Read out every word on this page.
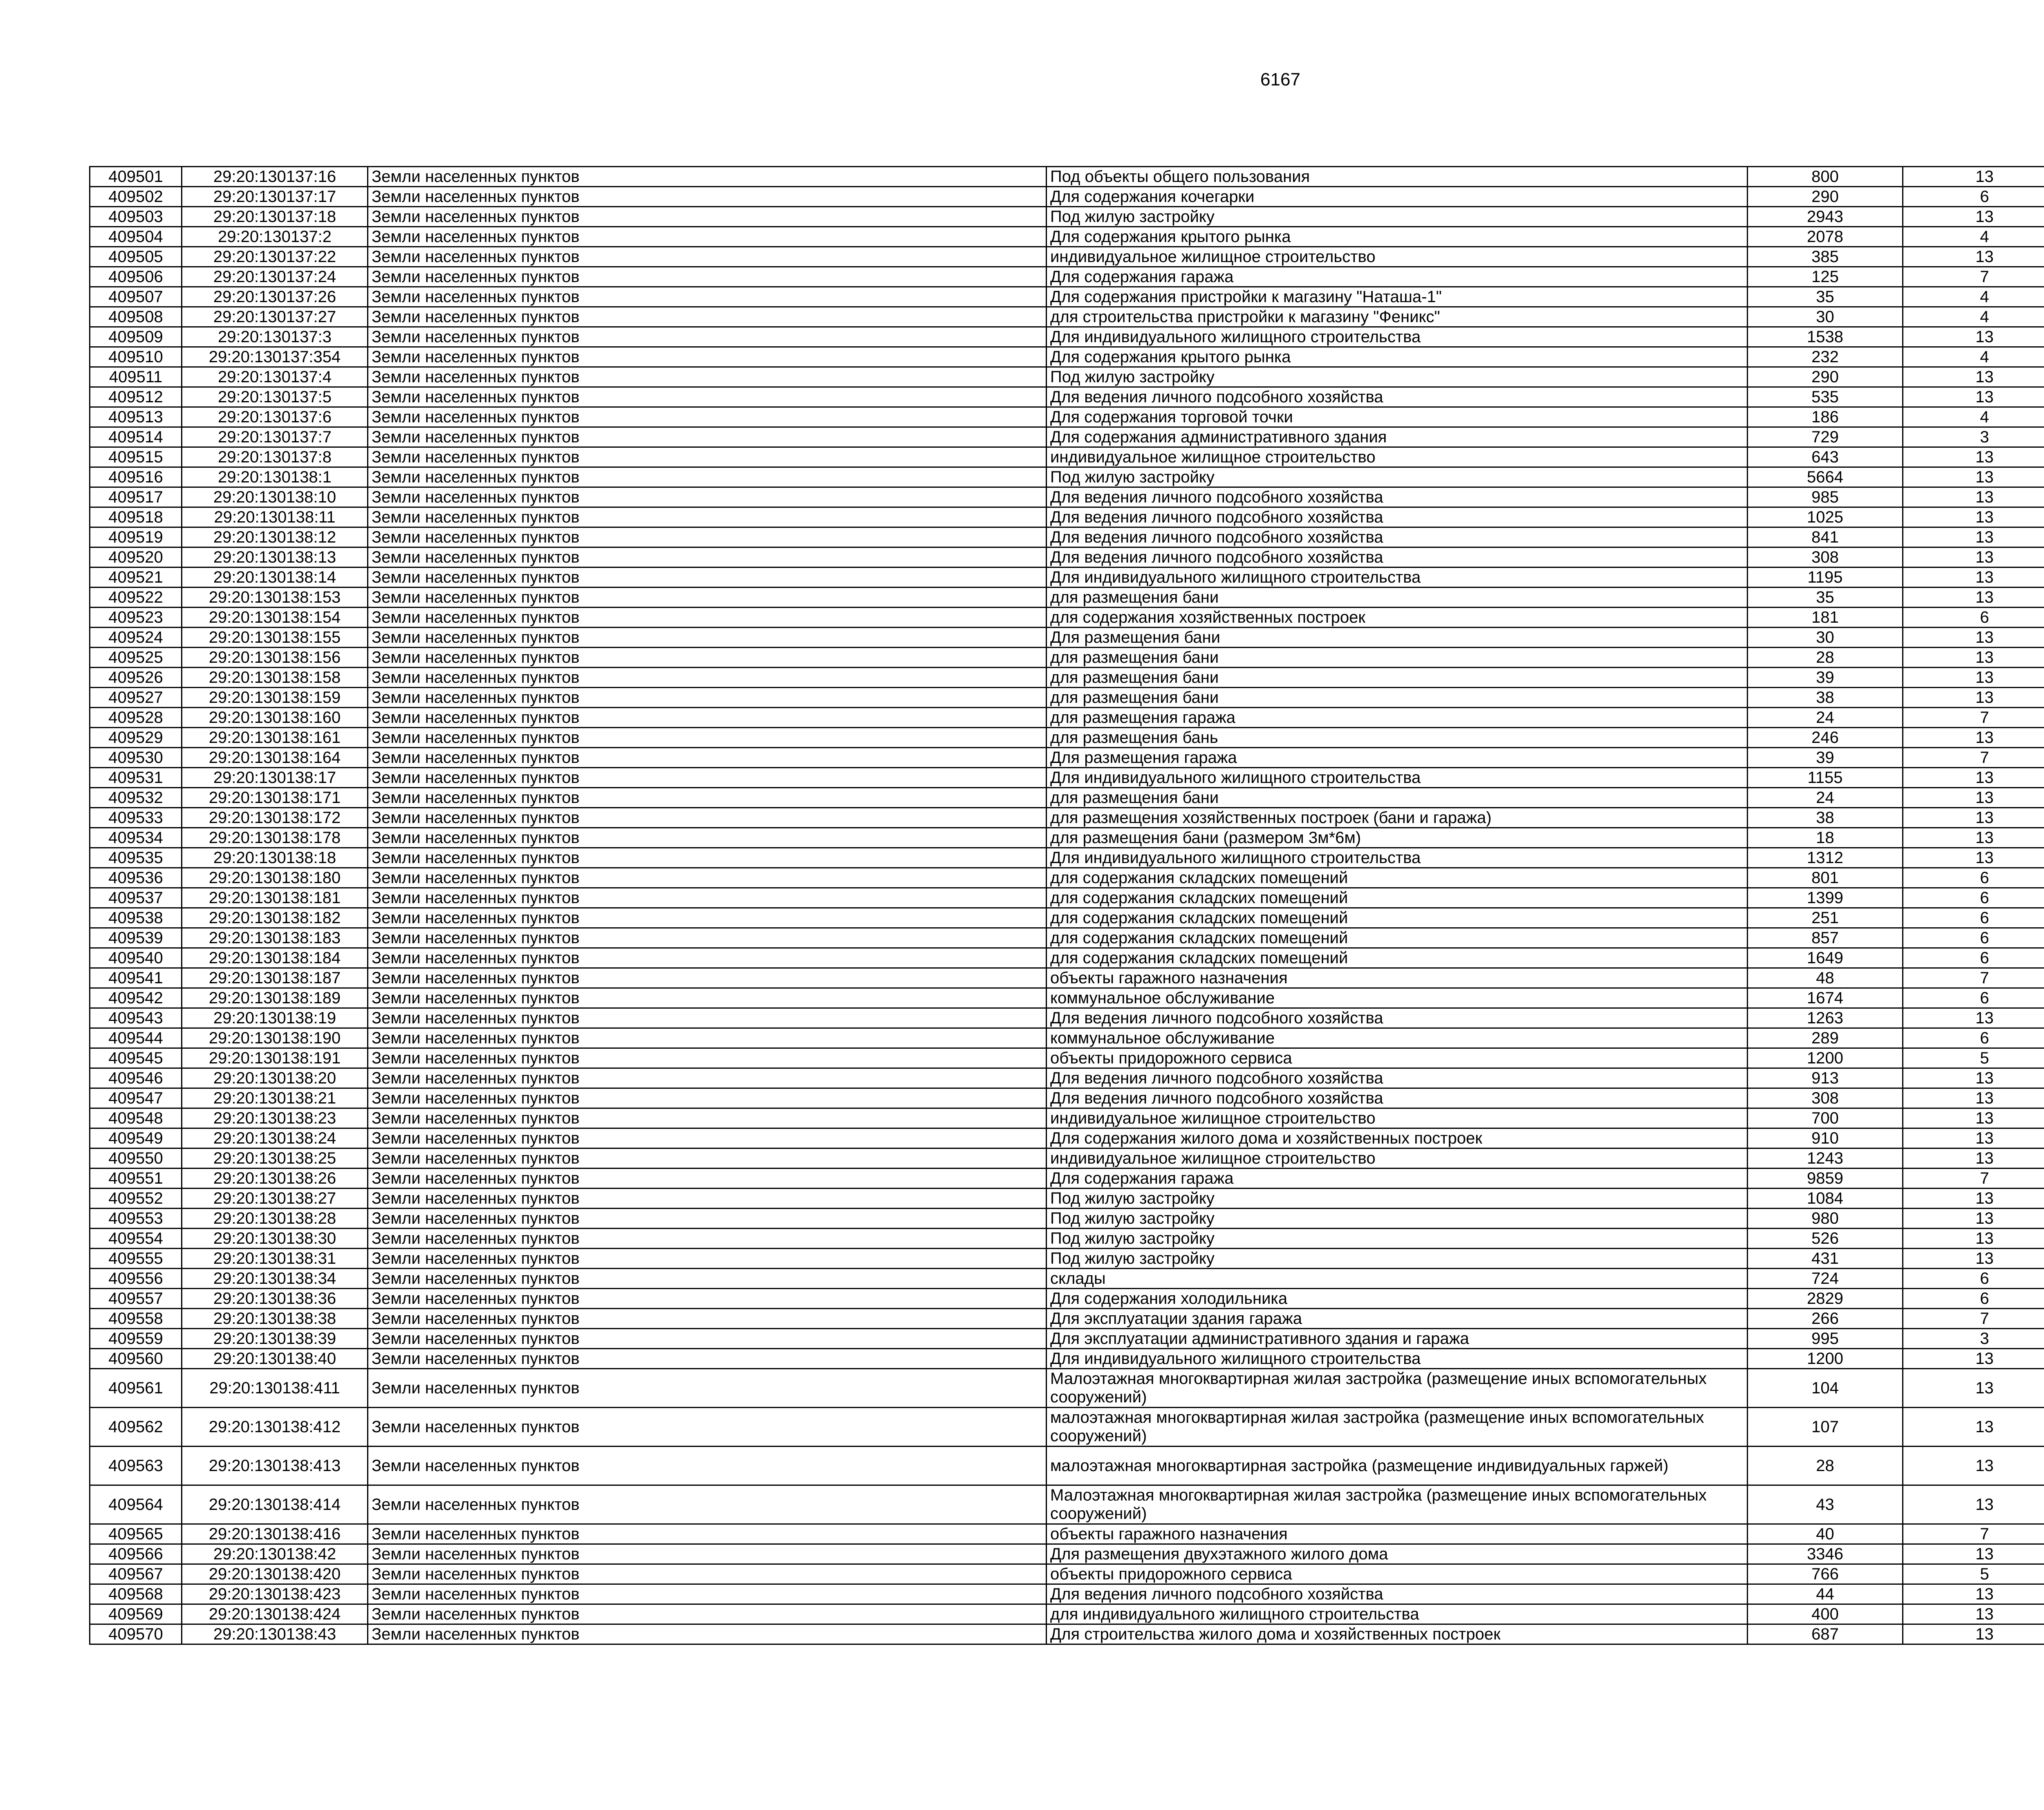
6167
409501	29:20:130137:16	Земли населенных пунктов	Под объекты общего пользования	800	13		
409502	29:20:130137:17	Земли населенных пунктов	Для содержания кочегарки	290	6		
409503	29:20:130137:18	Земли населенных пунктов	Под жилую застройку	2943	13		
409504	29:20:130137:2	Земли населенных пунктов	Для содержания крытого рынка	2078	4		
409505	29:20:130137:22	Земли населенных пунктов	индивидуальное жилищное строительство	385	13		
409506	29:20:130137:24	Земли населенных пунктов	Для содержания гаража	125	7		
409507	29:20:130137:26	Земли населенных пунктов	Для содержания пристройки к магазину "Наташа-1"	35	4		
409508	29:20:130137:27	Земли населенных пунктов	для строительства пристройки к магазину "Феникс"	30	4		
409509	29:20:130137:3	Земли населенных пунктов	Для индивидуального жилищного строительства	1538	13		
409510	29:20:130137:354	Земли населенных пунктов	Для содержания крытого рынка	232	4		
409511	29:20:130137:4	Земли населенных пунктов	Под жилую застройку	290	13		
409512	29:20:130137:5	Земли населенных пунктов	Для ведения личного подсобного хозяйства	535	13		
409513	29:20:130137:6	Земли населенных пунктов	Для содержания торговой точки	186	4		
409514	29:20:130137:7	Земли населенных пунктов	Для содержания административного здания	729	3		
409515	29:20:130137:8	Земли населенных пунктов	индивидуальное жилищное строительство	643	13		
409516	29:20:130138:1	Земли населенных пунктов	Под жилую застройку	5664	13		
409517	29:20:130138:10	Земли населенных пунктов	Для ведения личного подсобного хозяйства	985	13		
409518	29:20:130138:11	Земли населенных пунктов	Для ведения личного подсобного хозяйства	1025	13		
409519	29:20:130138:12	Земли населенных пунктов	Для ведения личного подсобного хозяйства	841	13		
409520	29:20:130138:13	Земли населенных пунктов	Для ведения личного подсобного хозяйства	308	13		
409521	29:20:130138:14	Земли населенных пунктов	Для индивидуального жилищного строительства	1195	13		
409522	29:20:130138:153	Земли населенных пунктов	для размещения бани	35	13		
409523	29:20:130138:154	Земли населенных пунктов	для содержания хозяйственных построек	181	6		
409524	29:20:130138:155	Земли населенных пунктов	Для размещения бани	30	13		
409525	29:20:130138:156	Земли населенных пунктов	для размещения бани	28	13		
409526	29:20:130138:158	Земли населенных пунктов	для размещения бани	39	13		
409527	29:20:130138:159	Земли населенных пунктов	для размещения бани	38	13		
409528	29:20:130138:160	Земли населенных пунктов	для размещения гаража	24	7		
409529	29:20:130138:161	Земли населенных пунктов	для размещения бань	246	13		
409530	29:20:130138:164	Земли населенных пунктов	Для размещения гаража	39	7		
409531	29:20:130138:17	Земли населенных пунктов	Для индивидуального жилищного строительства	1155	13		
409532	29:20:130138:171	Земли населенных пунктов	для размещения бани	24	13		
409533	29:20:130138:172	Земли населенных пунктов	для размещения хозяйственных построек (бани и гаража)	38	13		
409534	29:20:130138:178	Земли населенных пунктов	для размещения бани (размером 3м*6м)	18	13		
409535	29:20:130138:18	Земли населенных пунктов	Для индивидуального жилищного строительства	1312	13		
409536	29:20:130138:180	Земли населенных пунктов	для содержания складских помещений	801	6		
409537	29:20:130138:181	Земли населенных пунктов	для содержания складских помещений	1399	6		
409538	29:20:130138:182	Земли населенных пунктов	для содержания складских помещений	251	6		
409539	29:20:130138:183	Земли населенных пунктов	для содержания складских помещений	857	6		
409540	29:20:130138:184	Земли населенных пунктов	для содержания складских помещений	1649	6		
409541	29:20:130138:187	Земли населенных пунктов	объекты гаражного назначения	48	7		
409542	29:20:130138:189	Земли населенных пунктов	коммунальное обслуживание	1674	6		
409543	29:20:130138:19	Земли населенных пунктов	Для ведения личного подсобного хозяйства	1263	13		
409544	29:20:130138:190	Земли населенных пунктов	коммунальное обслуживание	289	6		
409545	29:20:130138:191	Земли населенных пунктов	объекты придорожного сервиса	1200	5		
409546	29:20:130138:20	Земли населенных пунктов	Для ведения личного подсобного хозяйства	913	13		
409547	29:20:130138:21	Земли населенных пунктов	Для ведения личного подсобного хозяйства	308	13		
409548	29:20:130138:23	Земли населенных пунктов	индивидуальное жилищное строительство	700	13		
409549	29:20:130138:24	Земли населенных пунктов	Для содержания жилого дома и хозяйственных построек	910	13		
409550	29:20:130138:25	Земли населенных пунктов	индивидуальное жилищное строительство	1243	13		
409551	29:20:130138:26	Земли населенных пунктов	Для содержания гаража	9859	7		
409552	29:20:130138:27	Земли населенных пунктов	Под жилую застройку	1084	13		
409553	29:20:130138:28	Земли населенных пунктов	Под жилую застройку	980	13		
409554	29:20:130138:30	Земли населенных пунктов	Под жилую застройку	526	13		
409555	29:20:130138:31	Земли населенных пунктов	Под жилую застройку	431	13		
409556	29:20:130138:34	Земли населенных пунктов	склады	724	6		
409557	29:20:130138:36	Земли населенных пунктов	Для содержания холодильника	2829	6		
409558	29:20:130138:38	Земли населенных пунктов	Для эксплуатации здания гаража	266	7		
409559	29:20:130138:39	Земли населенных пунктов	Для эксплуатации административного здания и гаража	995	3		
409560	29:20:130138:40	Земли населенных пунктов	Для индивидуального жилищного строительства	1200	13		
409561	29:20:130138:411	Земли населенных пунктов	Малоэтажная многоквартирная жилая застройка (размещение иных вспомогательных сооружений)	104	13		
409562	29:20:130138:412	Земли населенных пунктов	малоэтажная многоквартирная жилая застройка (размещение иных вспомогательных сооружений)	107	13		
409563	29:20:130138:413	Земли населенных пунктов	малоэтажная многоквартирная застройка (размещение индивидуальных гаржей)	28	13		
409564	29:20:130138:414	Земли населенных пунктов	Малоэтажная многоквартирная жилая застройка (размещение иных вспомогательных сооружений)	43	13		
409565	29:20:130138:416	Земли населенных пунктов	объекты гаражного назначения	40	7		
409566	29:20:130138:42	Земли населенных пунктов	Для размещения двухэтажного жилого дома	3346	13		
409567	29:20:130138:420	Земли населенных пунктов	объекты придорожного сервиса	766	5		
409568	29:20:130138:423	Земли населенных пунктов	Для ведения личного подсобного хозяйства	44	13		
409569	29:20:130138:424	Земли населенных пунктов	для индивидуального жилищного строительства	400	13		
409570	29:20:130138:43	Земли населенных пунктов	Для строительства жилого дома и хозяйственных построек	687	13		
